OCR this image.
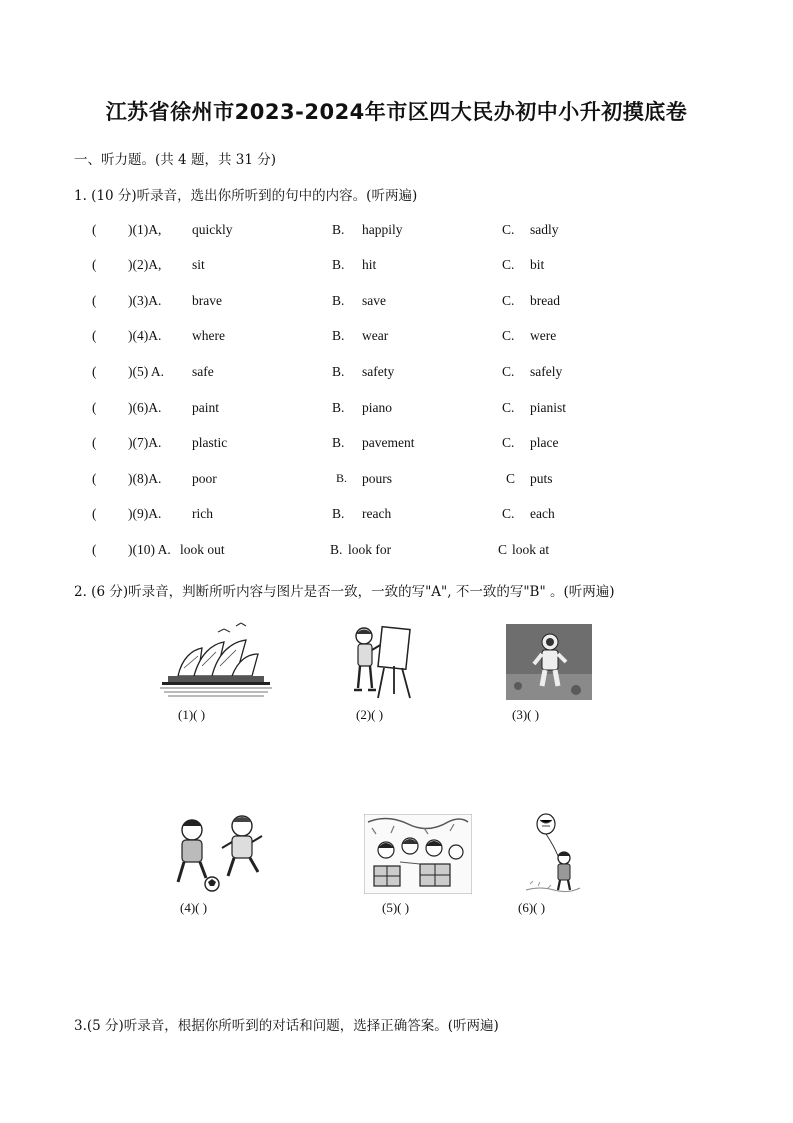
江苏省徐州市2023-2024年市区四大民办初中小升初摸底卷
一、听力题。(共 4 题，共 31 分)
1. (10 分)听录音，选出你所听到的句中的内容。(听两遍)
( )(1)A, quickly	B. happily	C. sadly
( )(2)A, sit	B. hit	C. bit
( )(3)A. brave	B. save	C. bread
( )(4)A. where	B. wear	C. were
( )(5) A. safe	B. safety	C. safely
( )(6)A. paint	B. piano	C. pianist
( )(7)A. plastic	B. pavement	C. place
( )(8)A. poor	B. pours	C puts
( )(9)A. rich	B. reach	C. each
( )(10) A. look out	B. look for	C look at
2. (6 分)听录音，判断所听内容与图片是否一致，一致的写"A", 不一致的写"B" 。(听两遍)
(1)( )	(2)( )	(3)( )
(4)( )	(5)( )	(6)( )
3.(5 分)听录音，根据你所听到的对话和问题，选择正确答案。(听两遍)
